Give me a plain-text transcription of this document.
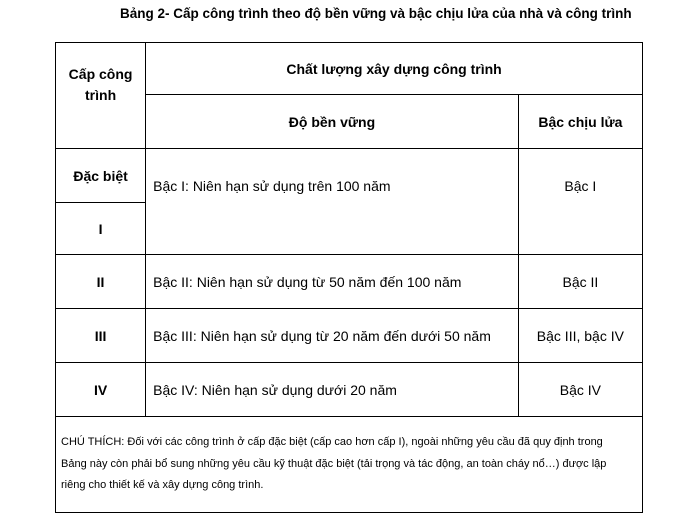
Bảng 2- Cấp công trình theo độ bền vững và bậc chịu lửa của nhà và công trình
Cấp công
trình	Chất lượng xây dựng công trình	
	Độ bền vững	Bậc chịu lửa
Đặc biệt	Bậc I: Niên hạn sử dụng trên 100 năm	Bậc I
I		
II	Bậc II: Niên hạn sử dụng từ 50 năm đến 100 năm	Bậc II
III	Bậc III: Niên hạn sử dụng từ 20 năm đến dưới 50 năm	Bậc III, bậc IV
IV	Bậc IV: Niên hạn sử dụng dưới 20 năm	Bậc IV

CHÚ THÍCH: Đối với các công trình ở cấp đặc biệt (cấp cao hơn cấp I), ngoài những yêu cầu đã quy định trong
Bảng này còn phải bổ sung những yêu cầu kỹ thuật đặc biệt (tải trọng và tác động, an toàn cháy nổ…) được lập
riêng cho thiết kế và xây dựng công trình.		
